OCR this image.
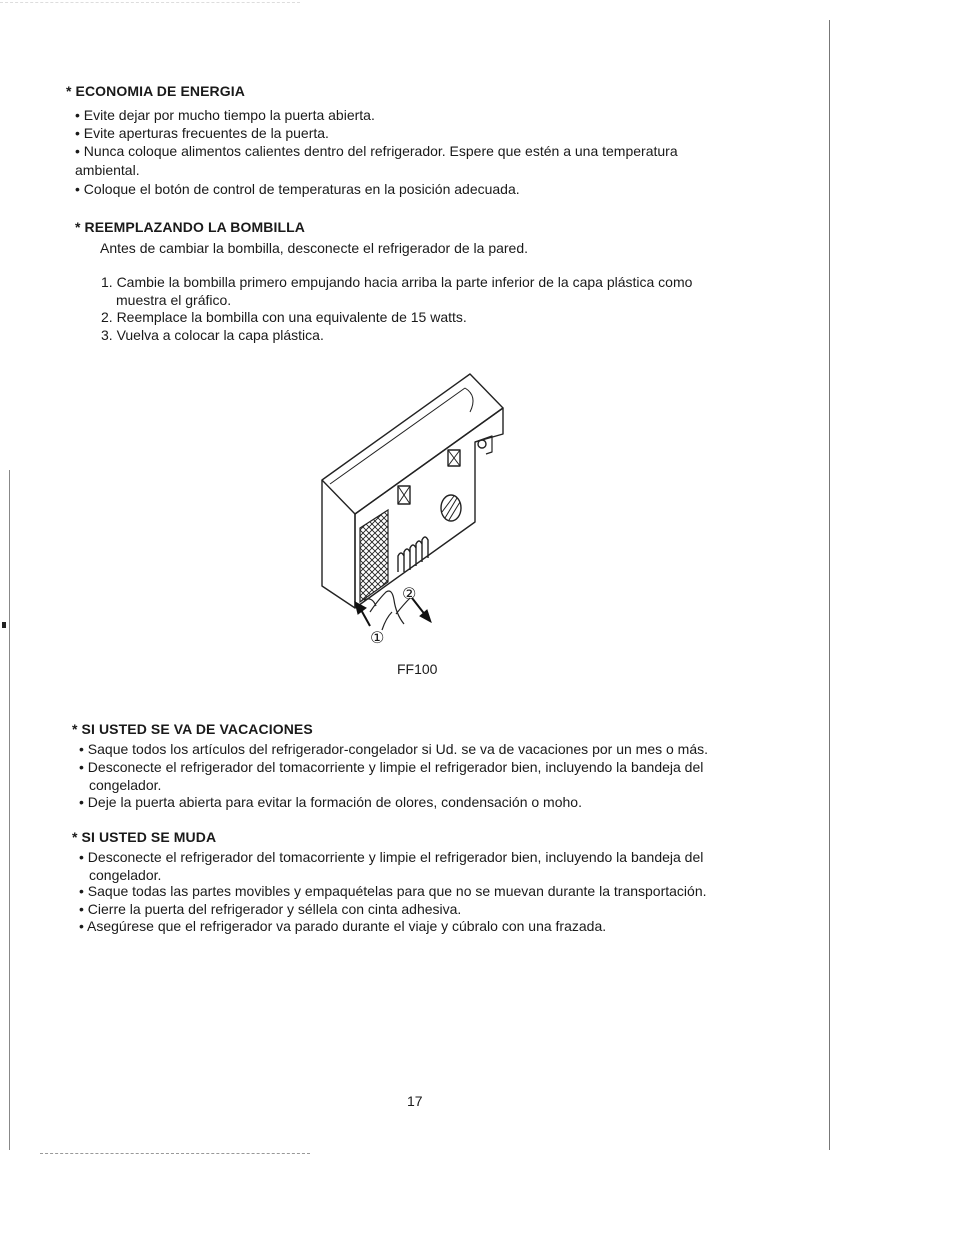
* ECONOMIA DE ENERGIA
• Evite dejar por mucho tiempo la puerta abierta.
• Evite aperturas frecuentes de la puerta.
• Nunca coloque alimentos calientes dentro del refrigerador. Espere que estén a una temperatura
ambiental.
• Coloque el botón de control de temperaturas en la posición adecuada.
* REEMPLAZANDO LA BOMBILLA
Antes de cambiar la bombilla, desconecte el refrigerador de la pared.
1. Cambie la bombilla primero empujando hacia arriba la parte inferior de la capa plástica como
muestra el gráfico.
2. Reemplace la bombilla con una equivalente de 15 watts.
3. Vuelva a colocar la capa plástica.
①
②
FF100
* SI USTED SE VA DE VACACIONES
• Saque todos los artículos del refrigerador-congelador si Ud. se va de vacaciones por un mes o más.
• Desconecte el refrigerador del tomacorriente y limpie el refrigerador bien, incluyendo la bandeja del
congelador.
• Deje la puerta abierta para evitar la formación de olores, condensación o moho.
* SI USTED SE MUDA
• Desconecte el refrigerador del tomacorriente y limpie el refrigerador bien, incluyendo la bandeja del
congelador.
• Saque todas las partes movibles y empaquételas para que no se muevan durante la transportación.
• Cierre la puerta del refrigerador y séllela con cinta adhesiva.
• Asegúrese que el refrigerador va parado durante el viaje y cúbralo con una frazada.
17
